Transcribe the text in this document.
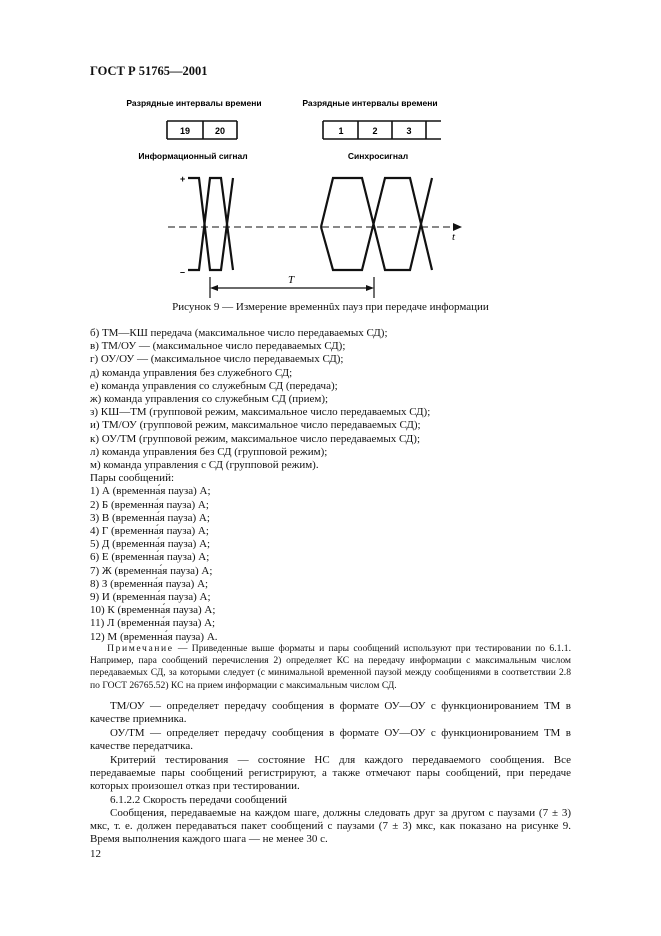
ГОСТ Р 51765—2001
Разрядные интервалы времени	Разрядные интервалы времени
19	20	1	2	3
Информационный сигнал	Синхросигнал
+
–
t
T
Рисунок 9 — Измерение временнûх пауз при передаче информации
б) ТМ—КШ передача (максимальное число передаваемых СД);
в) ТМ/ОУ — (максимальное число передаваемых СД);
г) ОУ/ОУ — (максимальное число передаваемых СД);
д) команда управления без служебного СД;
е) команда управления со служебным СД (передача);
ж) команда управления со служебным СД (прием);
з) КШ—ТМ (групповой режим, максимальное число передаваемых СД);
и) ТМ/ОУ (групповой режим, максимальное число передаваемых СД);
к) ОУ/ТМ (групповой режим, максимальное число передаваемых СД);
л) команда управления без СД (групповой режим);
м) команда управления с СД (групповой режим).
Пары сообщений:
1) А (временна́я пауза) А;
2) Б (временна́я пауза) А;
3) В (временна́я пауза) А;
4) Г (временна́я пауза) А;
5) Д (временна́я пауза) А;
6) Е (временна́я пауза) А;
7) Ж (временна́я пауза) А;
8) З (временна́я пауза) А;
9) И (временна́я пауза) А;
10) К (временна́я пауза) А;
11) Л (временна́я пауза) А;
12) М (временна́я пауза) А.
Примечание — Приведенные выше форматы и пары сообщений используют при тестировании по 6.1.1. Например, пара сообщений перечисления 2) определяет КС на передачу информации с максимальным числом передаваемых СД, за которыми следует (с минимальной временной паузой между сообщениями в соответствии 2.8 по ГОСТ 26765.52) КС на прием информации с максимальным числом СД.
ТМ/ОУ — определяет передачу сообщения в формате ОУ—ОУ с функционированием ТМ в качестве приемника.
ОУ/ТМ — определяет передачу сообщения в формате ОУ—ОУ с функционированием ТМ в качестве передатчика.
Критерий тестирования — состояние НС для каждого передаваемого сообщения. Все передаваемые пары сообщений регистрируют, а также отмечают пары сообщений, при передаче которых произошел отказ при тестировании.
6.1.2.2 Скорость передачи сообщений
Сообщения, передаваемые на каждом шаге, должны следовать друг за другом с паузами (7 ± 3) мкс, т. е. должен передаваться пакет сообщений с паузами (7 ± 3) мкс, как показано на рисунке 9. Время выполнения каждого шага — не менее 30 с.
12
